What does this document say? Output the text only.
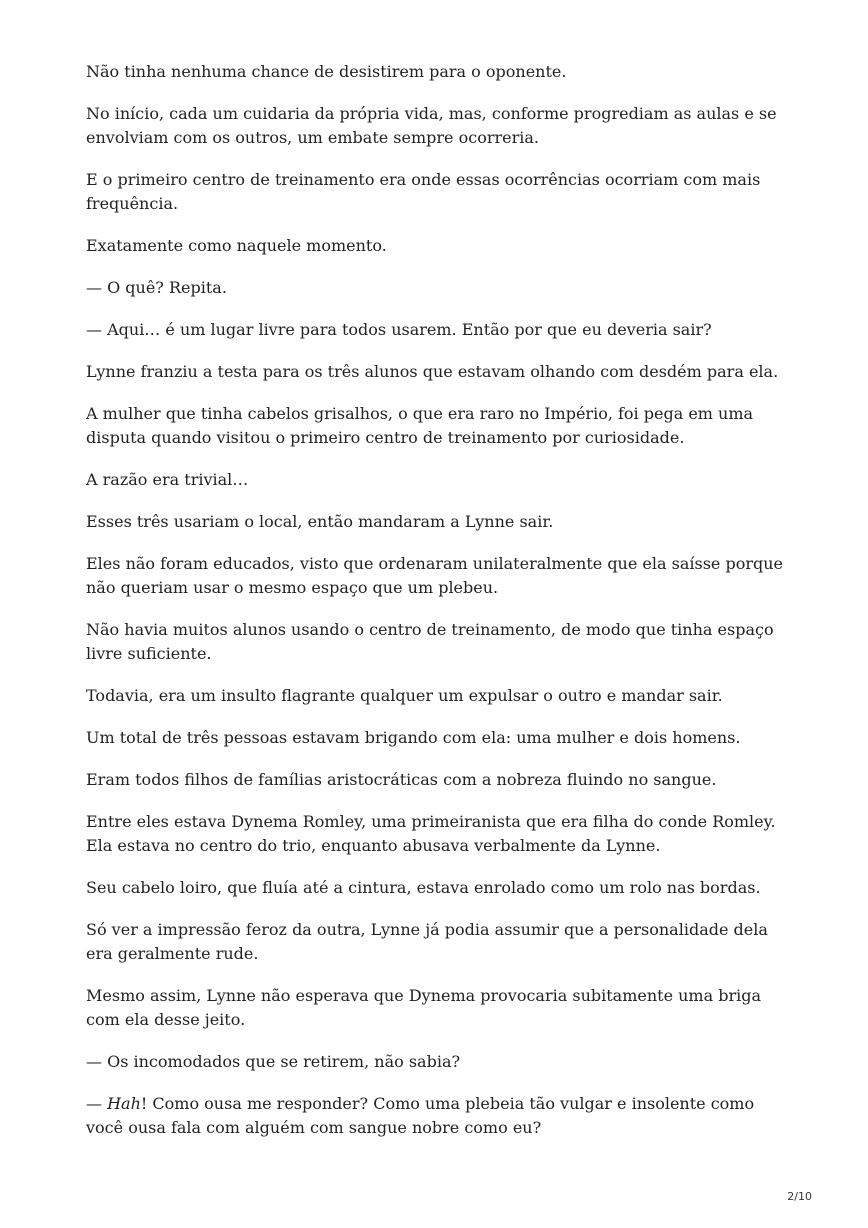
Não tinha nenhuma chance de desistirem para o oponente.

No início, cada um cuidaria da própria vida, mas, conforme progrediam as aulas e se envolviam com os outros, um embate sempre ocorreria.

E o primeiro centro de treinamento era onde essas ocorrências ocorriam com mais frequência.

Exatamente como naquele momento.

— O quê? Repita.

— Aqui… é um lugar livre para todos usarem. Então por que eu deveria sair?

Lynne franziu a testa para os três alunos que estavam olhando com desdém para ela.

A mulher que tinha cabelos grisalhos, o que era raro no Império, foi pega em uma disputa quando visitou o primeiro centro de treinamento por curiosidade.

A razão era trivial…

Esses três usariam o local, então mandaram a Lynne sair.

Eles não foram educados, visto que ordenaram unilateralmente que ela saísse porque não queriam usar o mesmo espaço que um plebeu.

Não havia muitos alunos usando o centro de treinamento, de modo que tinha espaço livre suficiente.

Todavia, era um insulto flagrante qualquer um expulsar o outro e mandar sair.

Um total de três pessoas estavam brigando com ela: uma mulher e dois homens.

Eram todos filhos de famílias aristocráticas com a nobreza fluindo no sangue.

Entre eles estava Dynema Romley, uma primeiranista que era filha do conde Romley. Ela estava no centro do trio, enquanto abusava verbalmente da Lynne.

Seu cabelo loiro, que fluía até a cintura, estava enrolado como um rolo nas bordas.

Só ver a impressão feroz da outra, Lynne já podia assumir que a personalidade dela era geralmente rude.

Mesmo assim, Lynne não esperava que Dynema provocaria subitamente uma briga com ela desse jeito.

— Os incomodados que se retirem, não sabia?

— Hah! Como ousa me responder? Como uma plebeia tão vulgar e insolente como você ousa fala com alguém com sangue nobre como eu?

2/10
